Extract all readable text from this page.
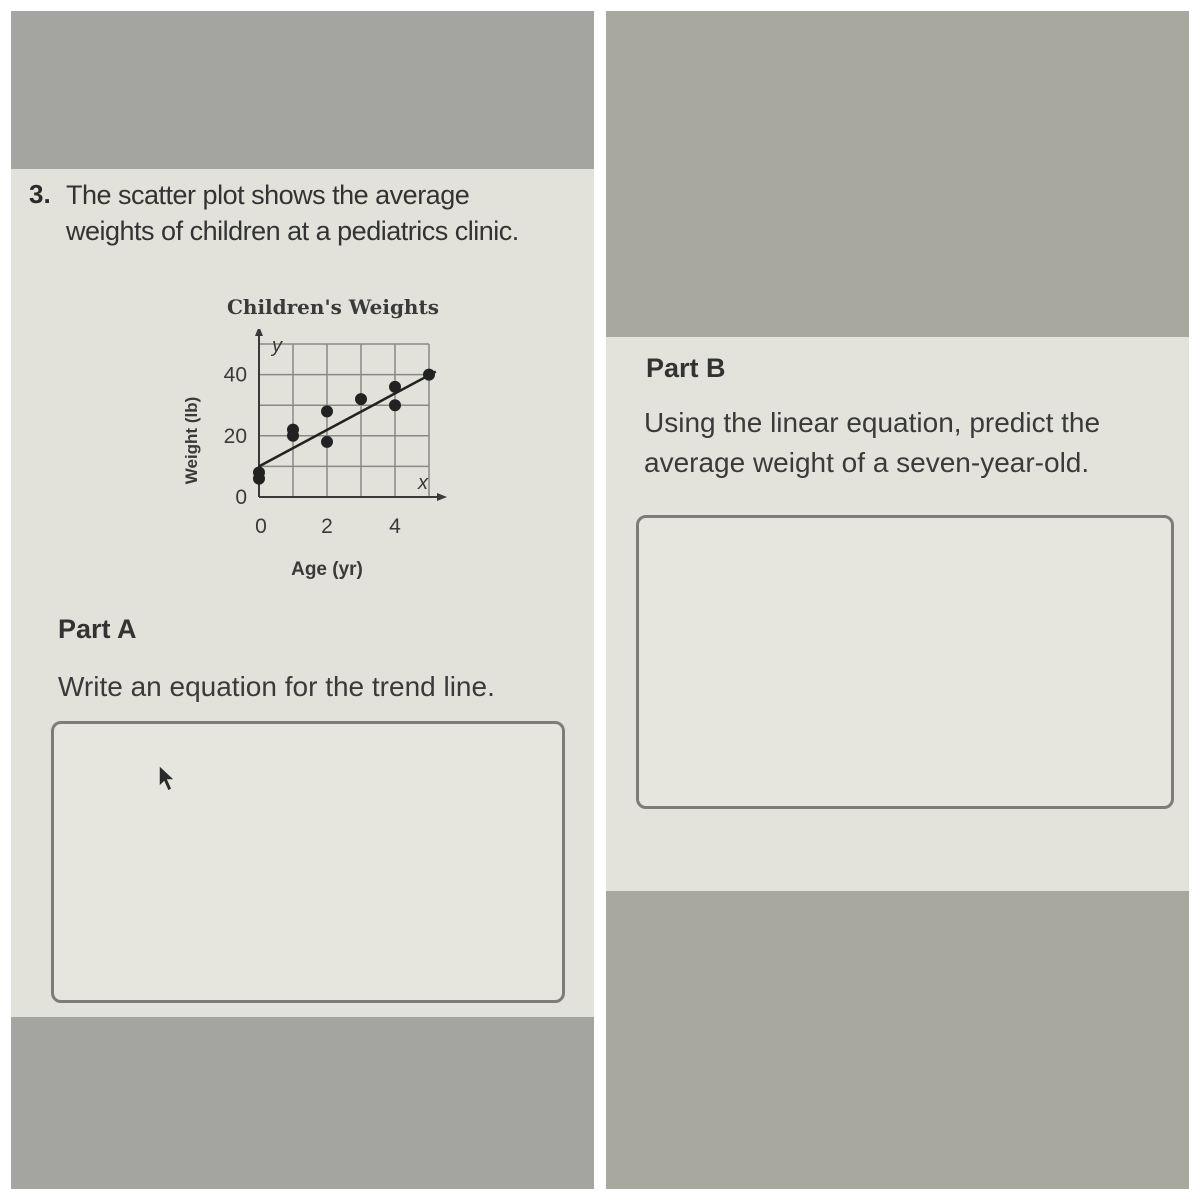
3. The scatter plot shows the average weights of children at a pediatrics clinic.
Children's Weights
0	2	4
0
20
40
x
y
Age (yr)
Weight (lb)
Part A
Write an equation for the trend line.
Part B
Using the linear equation, predict the average weight of a seven-year-old.
